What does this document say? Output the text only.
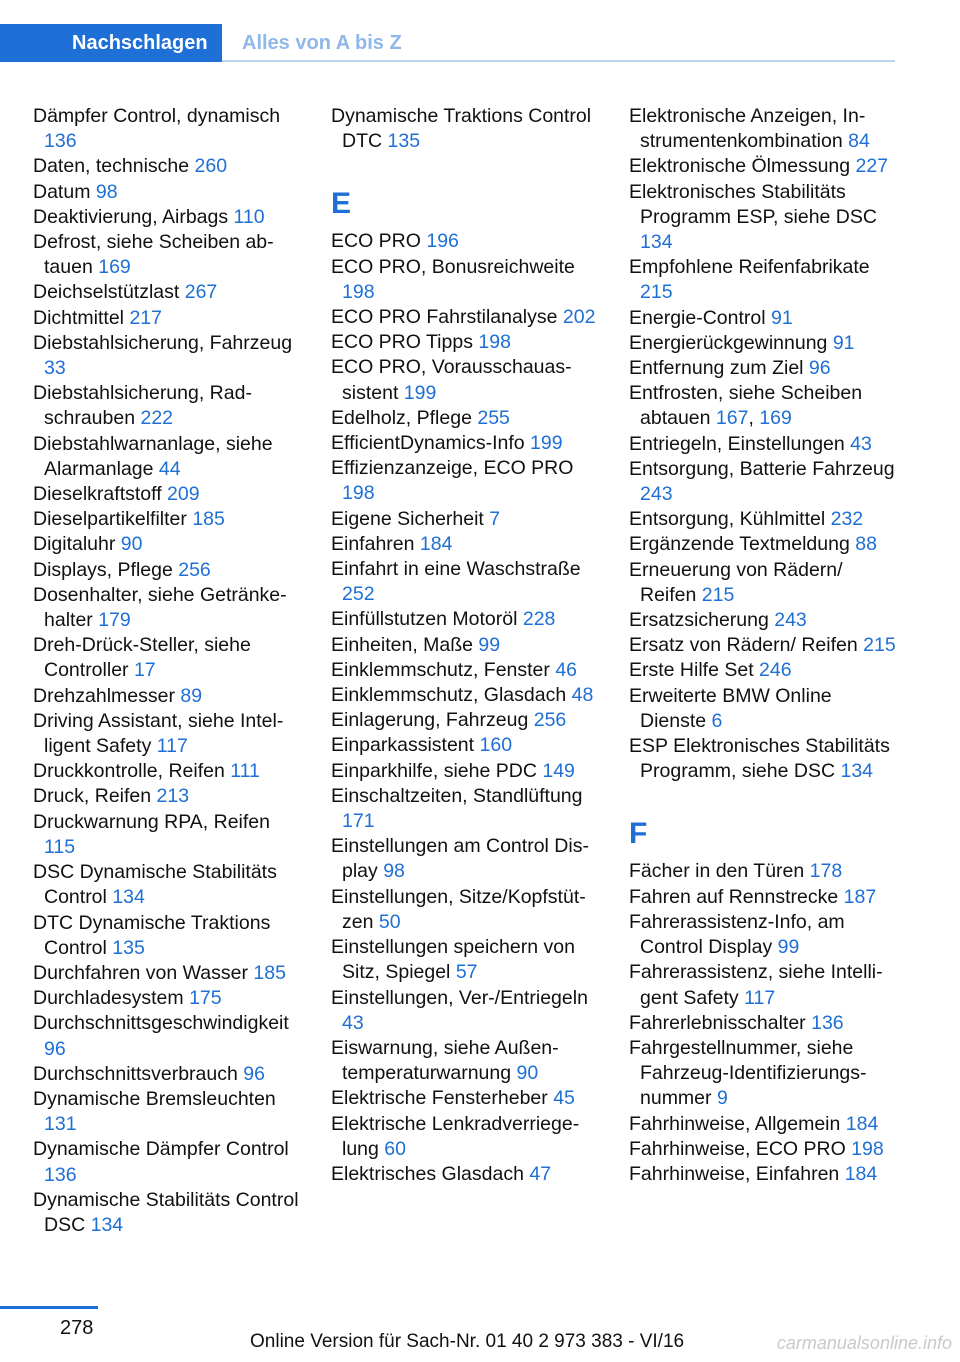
Nachschlagen	Alles von A bis Z

Dämpfer Control, dynamisch 136

Daten, technische 260

Datum 98

Deaktivierung, Airbags 110

Defrost, siehe Scheiben abtauen 169

Deichselstützlast 267

Dichtmittel 217

Diebstahlsicherung, Fahrzeug 33

Diebstahlsicherung, Radschrauben 222

Diebstahlwarnanlage, siehe Alarmanlage 44

Dieselkraftstoff 209

Dieselpartikelfilter 185

Digitaluhr 90

Displays, Pflege 256

Dosenhalter, siehe Getränkehalter 179

Dreh-Drück-Steller, siehe Controller 17

Drehzahlmesser 89

Driving Assistant, siehe Intelligent Safety 117

Druckkontrolle, Reifen 111

Druck, Reifen 213

Druckwarnung RPA, Reifen 115

DSC Dynamische Stabilitäts Control 134

DTC Dynamische Traktions Control 135

Durchfahren von Wasser 185

Durchladesystem 175

Durchschnittsgeschwindigkeit 96

Durchschnittsverbrauch 96

Dynamische Bremsleuchten 131

Dynamische Dämpfer Control 136

Dynamische Stabilitäts Control DSC 134

Dynamische Traktions Control DTC 135

E

ECO PRO 196

ECO PRO, Bonusreichweite 198

ECO PRO Fahrstilanalyse 202

ECO PRO Tipps 198

ECO PRO, Vorausschauassistent 199

Edelholz, Pflege 255

EfficientDynamics-Info 199

Effizienzanzeige, ECO PRO 198

Eigene Sicherheit 7

Einfahren 184

Einfahrt in eine Waschstraße 252

Einfüllstutzen Motoröl 228

Einheiten, Maße 99

Einklemmschutz, Fenster 46

Einklemmschutz, Glasdach 48

Einlagerung, Fahrzeug 256

Einparkassistent 160

Einparkhilfe, siehe PDC 149

Einschaltzeiten, Standlüftung 171

Einstellungen am Control Display 98

Einstellungen, Sitze/Kopfstützen 50

Einstellungen speichern von Sitz, Spiegel 57

Einstellungen, Ver-/Entriegeln 43

Eiswarnung, siehe Außentemperaturwarnung 90

Elektrische Fensterheber 45

Elektrische Lenkradverriegelung 60

Elektrisches Glasdach 47

Elektronische Anzeigen, Instrumentenkombination 84

Elektronische Ölmessung 227

Elektronisches Stabilitäts Programm ESP, siehe DSC 134

Empfohlene Reifenfabrikate 215

Energie-Control 91

Energierückgewinnung 91

Entfernung zum Ziel 96

Entfrosten, siehe Scheiben abtauen 167, 169

Entriegeln, Einstellungen 43

Entsorgung, Batterie Fahrzeug 243

Entsorgung, Kühlmittel 232

Ergänzende Textmeldung 88

Erneuerung von Rädern/ Reifen 215

Ersatzsicherung 243

Ersatz von Rädern/ Reifen 215

Erste Hilfe Set 246

Erweiterte BMW Online Dienste 6

ESP Elektronisches Stabilitäts Programm, siehe DSC 134

F

Fächer in den Türen 178

Fahren auf Rennstrecke 187

Fahrerassistenz-Info, am Control Display 99

Fahrerassistenz, siehe Intelligent Safety 117

Fahrerlebnisschalter 136

Fahrgestellnummer, siehe Fahrzeug-Identifizierungsnummer 9

Fahrhinweise, Allgemein 184

Fahrhinweise, ECO PRO 198

Fahrhinweise, Einfahren 184

278
Online Version für Sach-Nr. 01 40 2 973 383 - VI/16	carmanualsonline.info
